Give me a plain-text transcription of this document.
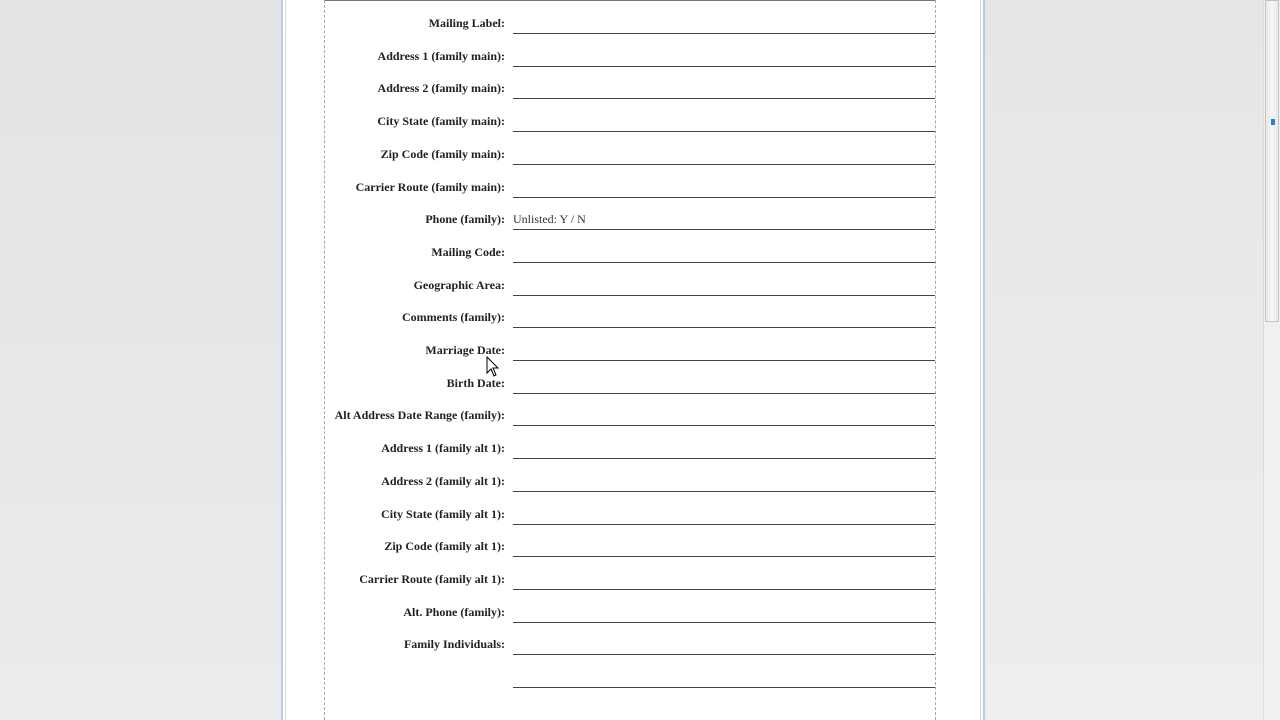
Mailing Label:
Address 1 (family main):
Address 2 (family main):
City State (family main):
Zip Code (family main):
Carrier Route (family main):
Phone (family): Unlisted: Y / N
Mailing Code:
Geographic Area:
Comments (family):
Marriage Date:
Birth Date:
Alt Address Date Range (family):
Address 1 (family alt 1):
Address 2 (family alt 1):
City State (family alt 1):
Zip Code (family alt 1):
Carrier Route (family alt 1):
Alt. Phone (family):
Family Individuals:
